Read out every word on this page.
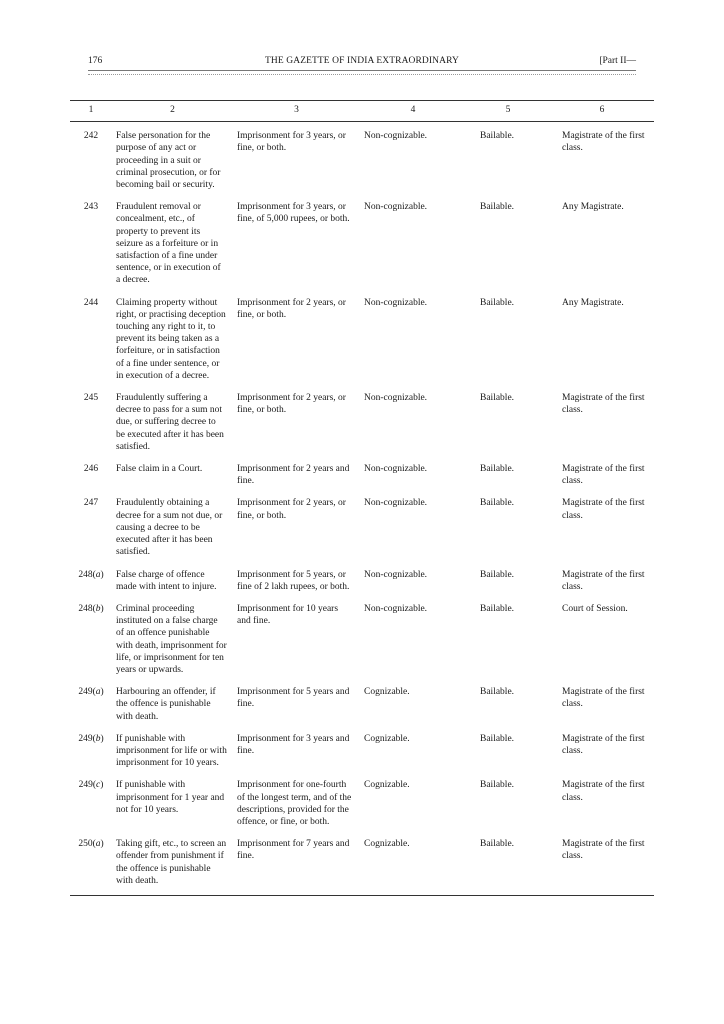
176	THE GAZETTE OF INDIA EXTRAORDINARY	[Part II—
1	2	3	4	5	6
242	False personation for the purpose of any act or proceeding in a suit or criminal prosecution, or for becoming bail or security.	Imprisonment for 3 years, or fine, or both.	Non-cognizable.	Bailable.	Magistrate of the first class.
243	Fraudulent removal or concealment, etc., of property to prevent its seizure as a forfeiture or in satisfaction of a fine under sentence, or in execution of a decree.	Imprisonment for 3 years, or fine, of 5,000 rupees, or both.	Non-cognizable.	Bailable.	Any Magistrate.
244	Claiming property without right, or practising deception touching any right to it, to prevent its being taken as a forfeiture, or in satisfaction of a fine under sentence, or in execution of a decree.	Imprisonment for 2 years, or fine, or both.	Non-cognizable.	Bailable.	Any Magistrate.
245	Fraudulently suffering a decree to pass for a sum not due, or suffering decree to be executed after it has been satisfied.	Imprisonment for 2 years, or fine, or both.	Non-cognizable.	Bailable.	Magistrate of the first class.
246	False claim in a Court.	Imprisonment for 2 years and fine.	Non-cognizable.	Bailable.	Magistrate of the first class.
247	Fraudulently obtaining a decree for a sum not due, or causing a decree to be executed after it has been satisfied.	Imprisonment for 2 years, or fine, or both.	Non-cognizable.	Bailable.	Magistrate of the first class.
248(a)	False charge of offence made with intent to injure.	Imprisonment for 5 years, or fine of 2 lakh rupees, or both.	Non-cognizable.	Bailable.	Magistrate of the first class.
248(b)	Criminal proceeding instituted on a false charge of an offence punishable with death, imprisonment for life, or imprisonment for ten years or upwards.	Imprisonment for 10 years and fine.	Non-cognizable.	Bailable.	Court of Session.
249(a)	Harbouring an offender, if the offence is punishable with death.	Imprisonment for 5 years and fine.	Cognizable.	Bailable.	Magistrate of the first class.
249(b)	If punishable with imprisonment for life or with imprisonment for 10 years.	Imprisonment for 3 years and fine.	Cognizable.	Bailable.	Magistrate of the first class.
249(c)	If punishable with imprisonment for 1 year and not for 10 years.	Imprisonment for one-fourth of the longest term, and of the descriptions, provided for the offence, or fine, or both.	Cognizable.	Bailable.	Magistrate of the first class.
250(a)	Taking gift, etc., to screen an offender from punishment if the offence is punishable with death.	Imprisonment for 7 years and fine.	Cognizable.	Bailable.	Magistrate of the first class.
